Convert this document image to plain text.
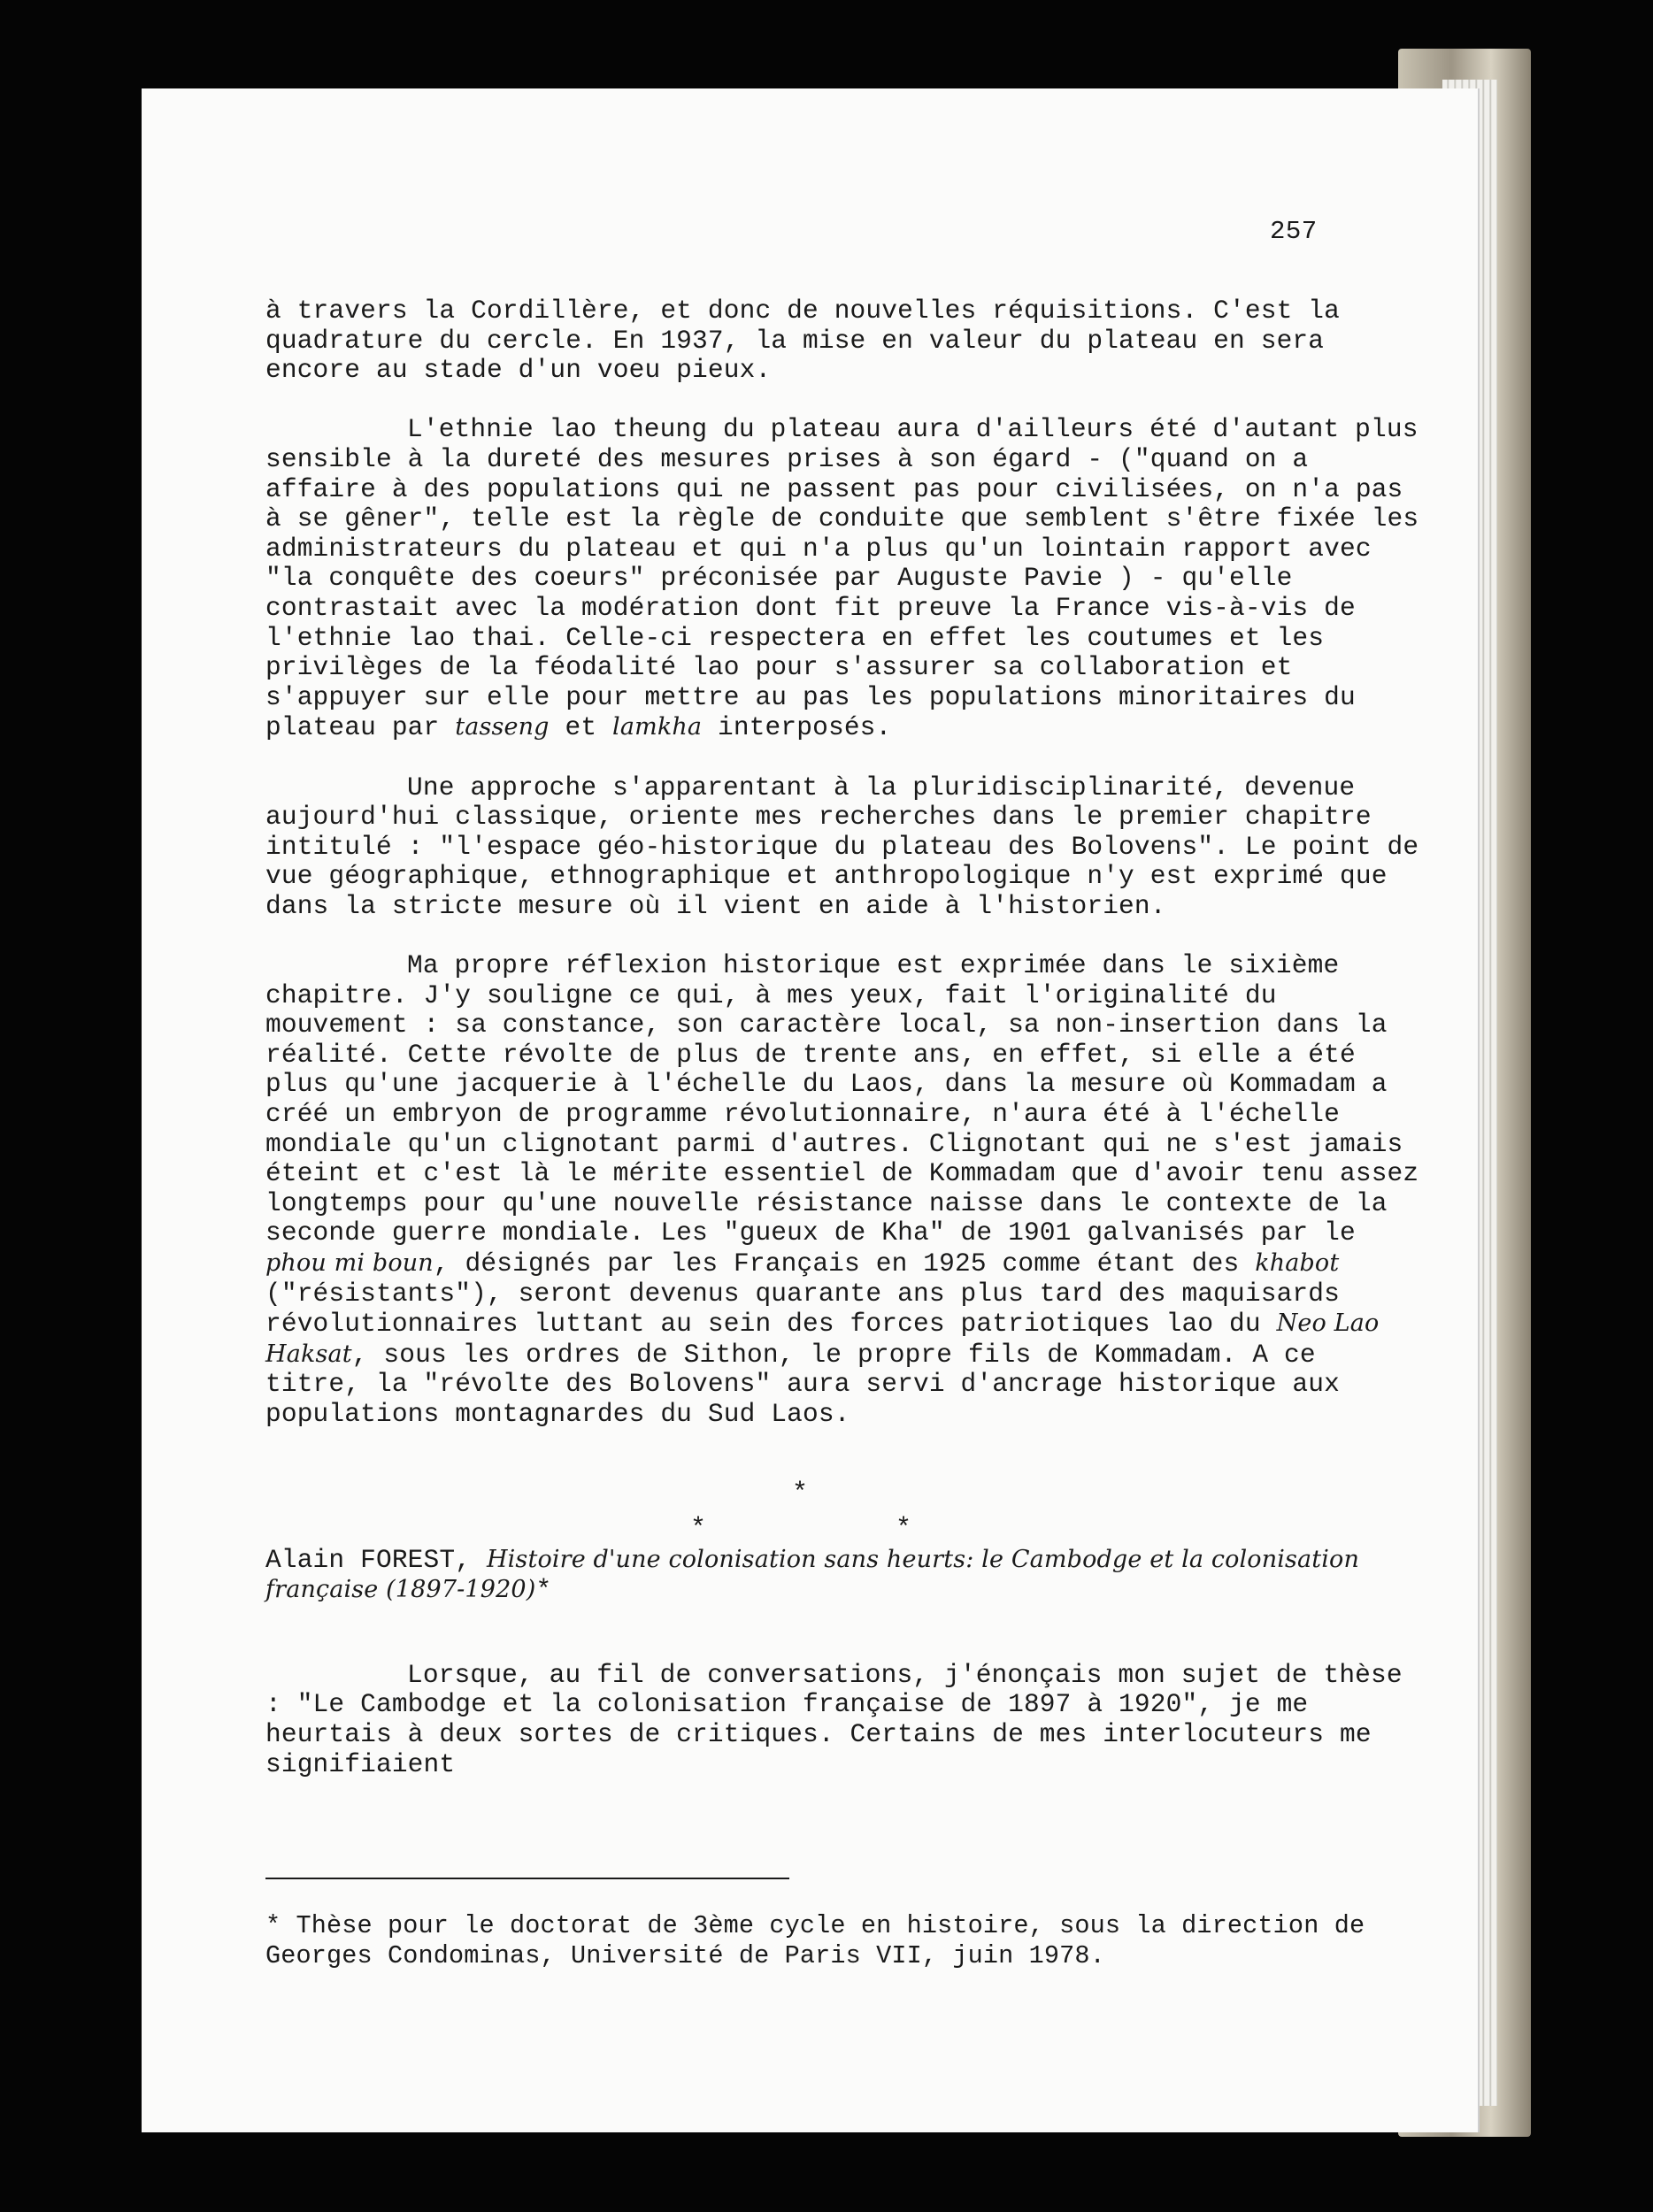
257

à travers la Cordillère, et donc de nouvelles réquisitions. C'est la quadrature du cercle. En 1937, la mise en valeur du plateau en sera encore au stade d'un voeu pieux.

L'ethnie lao theung du plateau aura d'ailleurs été d'autant plus sensible à la dureté des mesures prises à son égard - ("quand on a affaire à des populations qui ne passent pas pour civilisées, on n'a pas à se gêner", telle est la règle de conduite que semblent s'être fixée les administrateurs du plateau et qui n'a plus qu'un lointain rapport avec "la conquête des coeurs" préconisée par Auguste Pavie ) - qu'elle contrastait avec la modération dont fit preuve la France vis-à-vis de l'ethnie lao thai. Celle-ci respectera en effet les coutumes et les privilèges de la féodalité lao pour s'assurer sa collaboration et s'appuyer sur elle pour mettre au pas les populations minoritaires du plateau par tasseng et lamkha interposés.

Une approche s'apparentant à la pluridisciplinarité, devenue aujourd'hui classique, oriente mes recherches dans le premier chapitre intitulé : "l'espace géo-historique du plateau des Bolovens". Le point de vue géographique, ethnographique et anthropologique n'y est exprimé que dans la stricte mesure où il vient en aide à l'historien.

Ma propre réflexion historique est exprimée dans le sixième chapitre. J'y souligne ce qui, à mes yeux, fait l'originalité du mouvement : sa constance, son caractère local, sa non-insertion dans la réalité. Cette révolte de plus de trente ans, en effet, si elle a été plus qu'une jacquerie à l'échelle du Laos, dans la mesure où Kommadam a créé un embryon de programme révolutionnaire, n'aura été à l'échelle mondiale qu'un clignotant parmi d'autres. Clignotant qui ne s'est jamais éteint et c'est là le mérite essentiel de Kommadam que d'avoir tenu assez longtemps pour qu'une nouvelle résistance naisse dans le contexte de la seconde guerre mondiale. Les "gueux de Kha" de 1901 galvanisés par le phou mi boun, désignés par les Français en 1925 comme étant des khabot ("résistants"), seront devenus quarante ans plus tard des maquisards révolutionnaires luttant au sein des forces patriotiques lao du Neo Lao Haksat, sous les ordres de Sithon, le propre fils de Kommadam. A ce titre, la "révolte des Bolovens" aura servi d'ancrage historique aux populations montagnardes du Sud Laos.

*
*	*

Alain FOREST, Histoire d'une colonisation sans heurts: le Cambodge et la colonisation française (1897-1920)*

Lorsque, au fil de conversations, j'énonçais mon sujet de thèse : "Le Cambodge et la colonisation française de 1897 à 1920", je me heurtais à deux sortes de critiques. Certains de mes interlocuteurs me signifiaient

* Thèse pour le doctorat de 3ème cycle en histoire, sous la direction de Georges Condominas, Université de Paris VII, juin 1978.
